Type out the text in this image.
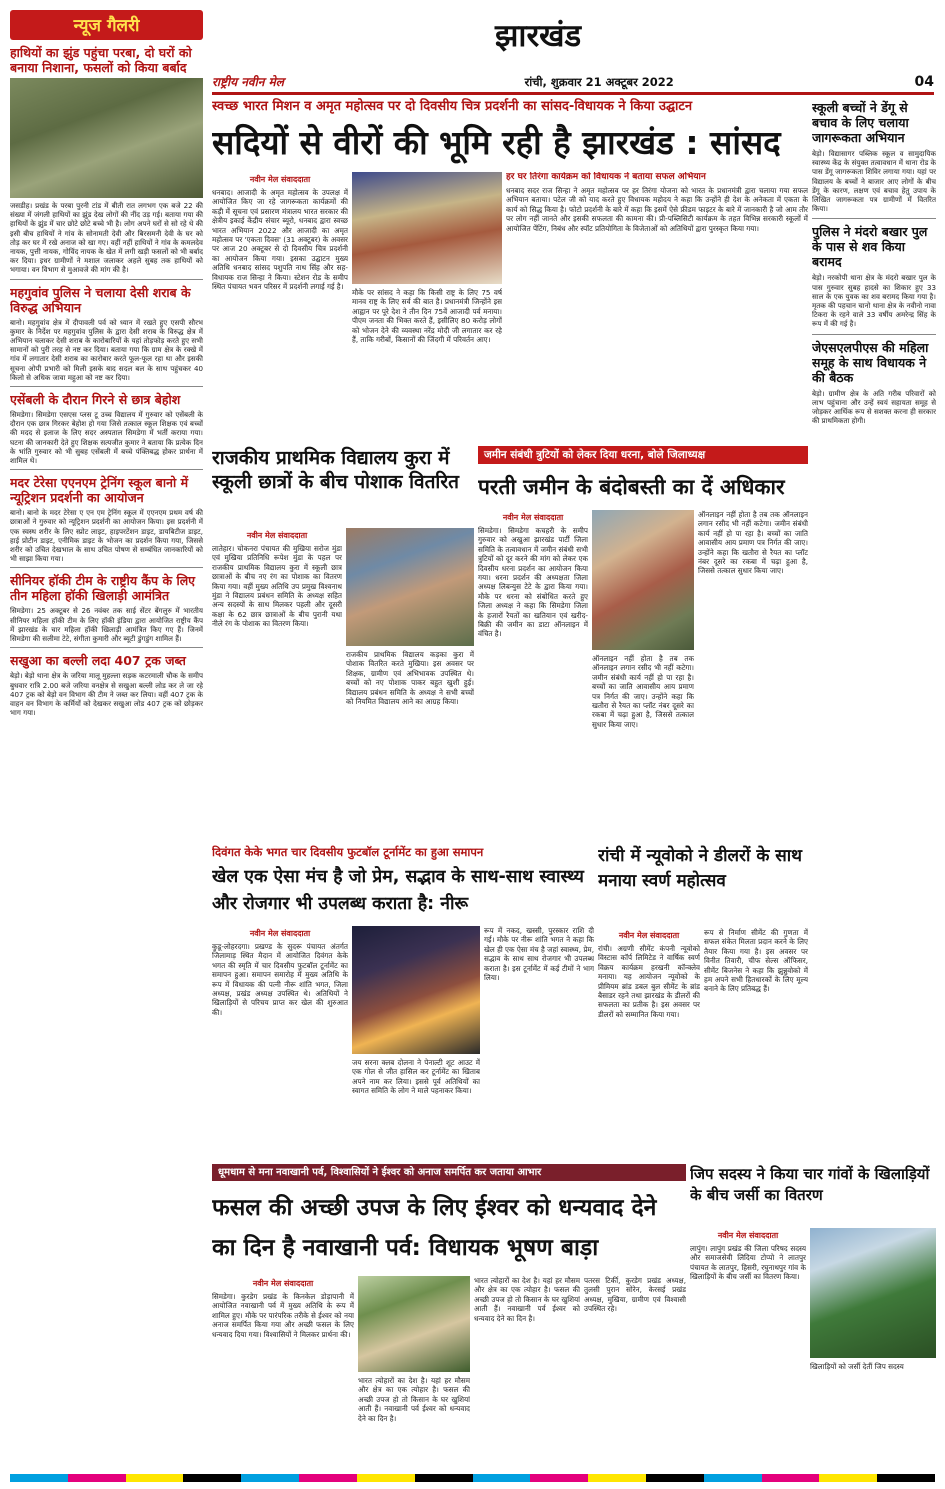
न्यूज गैलरी
हाथियों का झुंड पहुंचा परबा, दो घरों को बनाया निशाना, फसलों को किया बर्बाद

जसडीह। प्रखंड के परबा पुरनी टांड में बीती रात लगभग एक बजे 22 की संख्या में जंगली हाथियों का झुंड देख लोगों की नींद उड़ गई। बताया गया की हाथियों के झुंड में चार छोटे छोटे बच्चे भी है। लोग अपने घरों से सो रहे थे की इसी बीच हाथियों ने गांव के सोनामती देवी और बिरसमनी देवी के घर को तोड़ कर घर में रखे अनाज को खा गए। वहीं नहीं हाथियों ने गांव के कमलदेव नायक, पुत्ती नायक, गोविंद नायक के खेत में लगी खड़ी फसलों को भी बर्बाद कर दिया। इधर ग्रामीणों ने मशाल जलाकर अहले सुबह तक हाथियों को भगाया। वन विभाग से मुआवजे की मांग की है।

महगुवांव पुलिस ने चलाया देसी शराब के विरुद्ध अभियान

बानो। महगुवांव क्षेत्र में दीपावली पर्व को ध्यान में रखते हुए एसपी सौरभ कुमार के निर्देश पर महगुवांव पुलिस के द्वारा देसी शराब के विरुद्ध क्षेत्र में अभियान चलाकर देसी शराब के कारोबारियों के यहां तोड़फोड़ करते हुए सभी सामानों को पुरी तरह से नष्ट कर दिया। बताया गया कि ग्राम क्षेत्र के रक्खे में गांव में लगातार देसी शराब का कारोबार करते फूल-फूल रहा था और इसकी सूचना ओपी प्रभारी को मिली इसके बाद सदल बल के साथ पहुंचकर 40 किलो से अधिक जावा महुआ को नष्ट कर दिया।

एसेंबली के दौरान गिरने से छात्र बेहोश

सिमडेगा। सिमडेगा एसएस प्लस टू उच्च विद्यालय में गुरुवार को एसेंबली के दौरान एक छात्र गिरकर बेहोश हो गया जिसे तत्काल स्कूल शिक्षक एवं बच्चों की मदद से इलाज के लिए सदर अस्पताल सिमडेगा में भर्ती कराया गया। घटना की जानकारी देते हुए शिक्षक सत्यजीत कुमार ने बताया कि प्रत्येक दिन के भांति गुरुवार को भी सुबह एसेंबली में बच्चे पंक्तिबद्ध होकर प्रार्थना में शामिल थे।

मदर टेरेसा एएनएम ट्रेनिंग स्कूल बानो में न्यूट्रिशन प्रदर्शनी का आयोजन

बानो। बानो के मदर टेरेसा ए एन एम ट्रेनिंग स्कूल में एएनएम प्रथम वर्ष की छात्राओं ने गुरुवार को न्यूट्रिशन प्रदर्शनी का आयोजन किया। इस प्रदर्शनी में एक स्वस्थ शरीर के लिए स्प्रोट लाइट, हाइपरटेंशन डाइट, डायबिटीज डाइट, हाई प्रोटीन डाइट, एनीमिक डाइट के भोजन का प्रदर्शन किया गया, जिससे शरीर को उचित देखभाल के साथ उचित पोषण से सम्बंधित जानकारियों को भी साझा किया गया।

सीनियर हॉकी टीम के राष्ट्रीय कैंप के लिए तीन महिला हॉकी खिलाड़ी आमंत्रित

सिमडेगा। 25 अक्टूबर से 26 नवंबर तक साई सेंटर बेंगलुरु में भारतीय सीनियर महिला हॉकी टीम के लिए हॉकी इंडिया द्वारा आयोजित राष्ट्रीय कैंप में झारखंड के चार महिला हॉकी खिलाड़ी आमंत्रित किए गए हैं। जिनमें सिमडेगा की सलीमा टेटे, संगीता कुमारी और ब्यूटी डुंगडुंग शामिल हैं।

सखुआ का बल्ली लदा 407 ट्रक जब्त

बेड़ो। बेड़ो थाना क्षेत्र के जरिया मालू मुहल्ला सड़क कटरमाली चौक के समीप बुधवार रात्रि 2.00 बजे जरिया वनक्षेत्र से सखुआ बल्ली लोड कर ले जा रहे 407 ट्रक को बेड़ो वन विभाग की टीम ने जब्त कर लिया। वहीं 407 ट्रक के वाहन वन विभाग के कर्मियों को देखकर सखुआ लोड 407 ट्रक को छोड़कर भाग गया।

झारखंड
राष्ट्रीय नवीन मेल	रांची, शुक्रवार 21 अक्टूबर 2022	04
स्वच्छ भारत मिशन व अमृत महोत्सव पर दो दिवसीय चित्र प्रदर्शनी का सांसद-विधायक ने किया उद्घाटन
सदियों से वीरों की भूमि रही है झारखंड : सांसद
नवीन मेल संवाददाता
धनबाद। आजादी के अमृत महोत्सव के उपलक्ष में आयोजित किए जा रहे जागरूकता कार्यक्रमों की कड़ी में सूचना एवं प्रसारण मंत्रालय भारत सरकार की क्षेत्रीय इकाई केंद्रीय संचार ब्यूरो, धनबाद द्वारा स्वच्छ भारत अभियान 2022 और आजादी का अमृत महोत्सव पर 'एकता दिवस' (31 अक्टूबर) के अवसर पर आज 20 अक्टूबर से दो दिवसीय चित्र प्रदर्शनी का आयोजन किया गया। इसका उद्घाटन मुख्य अतिथि धनबाद सांसद पशुपति नाथ सिंह और सह-विधायक राज सिन्हा ने किया। स्टेशन रोड के समीप स्थित पंचायत भवन परिसर में प्रदर्शनी लगाई गई है।
मौके पर सांसद ने कहा कि किसी राष्ट्र के लिए 75 वर्ष मानव राष्ट्र के लिए सर्व की बात है। प्रधानमंत्री जिन्होंने इस आह्वान पर पूरे देश ने तीन दिन 75वें आजादी पर्व मनाया। पीएम जनता की भिक्त करते हैं, इसीलिए 80 करोड़ लोगों को भोजन देने की व्यवस्था नरेंद्र मोदी जी लगातार कर रहे हैं, ताकि गरीबों, किसानों की जिंदगी में परिवर्तन आए।
हर घर तिरंगा कार्यक्रम को विधायक ने बताया सफल अभियान
धनबाद सदर राज सिन्हा ने अमृत महोत्सव पर हर तिरंगा योजना को भारत के प्रधानमंत्री द्वारा चलाया गया सफल अभियान बताया। पटेल जी को याद करते हुए विधायक महोदय ने कहा कि उन्होंने ही देश के अनेकता में एकता के कार्य को सिद्ध किया है। फोटो प्रदर्शनी के बारे में कहा कि इसमें ऐसे फ्रीडम फाइटर के बारे में जानकारी है जो आम तौर पर लोग नहीं जानते और इसकी सफलता की कामना की। प्री-पब्लिसिटी कार्यक्रम के तहत विभिन्न सरकारी स्कूलों में आयोजित पेंटिंग, निबंध और स्पॉट प्रतियोगिता के विजेताओं को अतिथियों द्वारा पुरस्कृत किया गया।
राजकीय प्राथमिक विद्यालय कुरा में स्कूली छात्रों के बीच पोशाक वितरित
नवीन मेल संवाददाता
लातेहार। चोकनरा पंचायत की मुखिया सरोज मुंडा एवं मुखिया प्रतिनिधि रूपेश मुंडा के पहल पर राजकीय प्राथमिक विद्यालय कुरा में स्कूली छात्र छात्राओं के बीच नए रंग का पोशाक का वितरण किया गया। वहीं मुख्य अतिथि उप प्रमुख विश्वनाथ मुंडा ने विद्यालय प्रबंधन समिति के अध्यक्ष सहित अन्य सदस्यों के साथ मिलकर पहली और दूसरी कक्षा के 62 छात्र छात्राओं के बीच पुरानी यथा नीले रंग के पोशाक का वितरण किया।
राजकीय प्राथमिक विद्यालय कड़का कुरा में पोशाक वितरित करते मुखिया। इस अवसर पर शिक्षक, ग्रामीण एवं अभिभावक उपस्थित थे। बच्चों को नए पोशाक पाकर बहुत खुशी हुई। विद्यालय प्रबंधन समिति के अध्यक्ष ने सभी बच्चों को नियमित विद्यालय आने का आग्रह किया।
जमीन संबंधी त्रुटियों को लेकर दिया धरना, बोले जिलाध्यक्ष
परती जमीन के बंदोबस्ती का दें अधिकार
नवीन मेल संवाददाता
सिमडेगा। सिमडेगा कचहरी के समीप गुरुवार को अखुआ झारखंड पार्टी जिला समिति के तत्वावधान में जमीन संबंधी सभी त्रुटियों को दूर करने की मांग को लेकर एक दिवसीय धरना प्रदर्शन का आयोजन किया गया। धरना प्रदर्शन की अध्यक्षता जिला अध्यक्ष लिबन्युस टेटे के द्वारा किया गया। मौके पर धरना को संबोधित करते हुए जिला अध्यक्ष ने कहा कि सिमडेगा जिला के हजारों रैयतों का खतियान एवं खरीद-बिक्री की जमीन का डाटा ऑनलाइन में वंचित है।
ऑनलाइन नहीं होता है तब तक ऑनलाइन लगान रसीद भी नहीं कटेगा। जमीन संबंधी कार्य नहीं हो पा रहा है। बच्चों का जाति आवासीय आय प्रमाण पत्र निर्गत की जाए। उन्होंने कहा कि खतौरा से रैयत का प्लॉट नंबर दूसरे का रकबा में चढ़ा हुआ है, जिससे तत्काल सुधार किया जाए।
ऑनलाइन नहीं होता है तब तक ऑनलाइन लगान रसीद भी नहीं कटेगा। जमीन संबंधी कार्य नहीं हो पा रहा है। बच्चों का जाति आवासीय आय प्रमाण पत्र निर्गत की जाए। उन्होंने कहा कि खतौरा से रैयत का प्लॉट नंबर दूसरे का रकबा में चढ़ा हुआ है, जिससे तत्काल सुधार किया जाए।
दिवंगत केके भगत चार दिवसीय फुटबॉल टूर्नामेंट का हुआ समापन
खेल एक ऐसा मंच है जो प्रेम, सद्भाव के साथ-साथ स्वास्थ्य और रोजगार भी उपलब्ध कराता है: नीरू
नवीन मेल संवाददाता
कुडू-लोहरदगा। प्रखण्ड के सुदरू पंचायत अंतर्गत जिलामाड़ स्थित मैदान में आयोजित दिवंगत केके भगत की स्मृति में चार दिवसीय फुटबॉल टूर्नामेंट का समापन हुआ। समापन समारोह में मुख्य अतिथि के रूप में विधायक की पत्नी नीरू शांति भगत, जिला अध्यक्ष, प्रखंड अध्यक्ष उपस्थित थे। अतिथियों ने खिलाड़ियों से परिचय प्राप्त कर खेल की शुरुआत की।
जय सरना क्लब दोलना ने पेनाल्टी शूट आउट में एक गोल से जीत हासिल कर टूर्नामेंट का खिताब अपने नाम कर लिया। इससे पूर्व अतिथियों का स्वागत समिति के लोग ने माले पहनाकर किया।
रूप में नकद, खस्सी, पुरस्कार राशि दी गई। मौके पर नीरू शांति भगत ने कहा कि खेल ही एक ऐसा मंच है जहां स्वास्थ्य, प्रेम, सद्भाव के साथ साथ रोजगार भी उपलब्ध कराता है। इस टूर्नामेंट में कई टीमों ने भाग लिया।
रांची में न्यूवोको ने डीलरों के साथ मनाया स्वर्ण महोत्सव
नवीन मेल संवाददाता
रांची। अग्रणी सीमेंट कंपनी न्यूवोको विस्टास कॉर्प लिमिटेड ने वार्षिक स्वर्ण विक्रय कार्यक्रम हरखनी कॉन्क्लेव मनाया। यह आयोजन न्यूवोको के प्रीमियम ब्रांड डबल बुल सीमेंट के ब्रांड बैसाडर रहने तथा झारखंड के डीलरों की सफलता का प्रतीक है। इस अवसर पर डीलरों को सम्मानित किया गया।
रूप से निर्माण सीमेंट की गुणता में सफल संकेत मिलता प्रदान करने के लिए तैयार किया गया है। इस अवसर पर विनीत तिवारी, चीफ सेल्स ऑफिसर, सीमेंट बिजनेस ने कहा कि झुन्नुवोको में हम अपने सभी हितधारकों के लिए मूल्य बनाने के लिए प्रतिबद्ध हैं।
धूमधाम से मना नवाखानी पर्व, विश्वासियों ने ईश्वर को अनाज समर्पित कर जताया आभार
फसल की अच्छी उपज के लिए ईश्वर को धन्यवाद देने का दिन है नवाखानी पर्व: विधायक भूषण बाड़ा
नवीन मेल संवाददाता
सिमडेगा। कुरडेग प्रखंड के किनकेल डोड़ापानी में आयोजित नवाखानी पर्व में मुख्य अतिथि के रूप में शामिल हुए। मौके पर पारंपरिक तरीके से ईश्वर को नया अनाज समर्पित किया गया और अच्छी फसल के लिए धन्यवाद दिया गया। विश्वासियों ने मिलकर प्रार्थना की।
भारत त्योहारों का देश है। यहां हर मौसम और क्षेत्र का एक त्योहार है। फसल की अच्छी उपज हो तो किसान के घर खुशियां आती हैं। नवाखानी पर्व ईश्वर को धन्यवाद देने का दिन है।
भारत त्योहारों का देश है। यहां हर मौसम और क्षेत्र का एक त्योहार है। फसल की अच्छी उपज हो तो किसान के घर खुशियां आती हैं। नवाखानी पर्व ईश्वर को धन्यवाद देने का दिन है।
पतरस टिर्की, कुरडेग प्रखंड अध्यक्ष, तुलसी पुरान सोरेन, केरसई प्रखंड अध्यक्ष, मुखिया, ग्रामीण एवं विश्वासी उपस्थित रहे।
जिप सदस्य ने किया चार गांवों के खिलाड़ियों के बीच जर्सी का वितरण
नवीन मेल संवाददाता
लापुंग। लापुंग प्रखंड की जिला परिषद सदस्य और समाजसेवी लिदिया टोप्पो ने लातपुर पंचायत के लातपुर, हिसरी, रघुनाथपुर गांव के खिलाड़ियों के बीच जर्सी का वितरण किया।
खिलाड़ियों को जर्सी देतीं जिप सदस्य
स्कूली बच्चों ने डेंगू से बचाव के लिए चलाया जागरूकता अभियान

बेड़ो। विद्यासागर पब्लिक स्कूल व सामुदायिक स्वास्थ्य केंद्र के संयुक्त तत्वावधान में थाना रोड के पास डेंगू जागरूकता शिविर लगाया गया। यहां पर विद्यालय के बच्चों ने बाजार आए लोगों के बीच डेंगू के कारण, लक्षण एवं बचाव हेतु उपाय के लिखित जागरूकता पत्र ग्रामीणों में वितरित किया।

पुलिस ने मंदरो बखार पुल के पास से शव किया बरामद

बेड़ो। नरकोपी थाना क्षेत्र के मंदरो बखार पुल के पास गुरुवार सुबह हादसे का शिकार हुए 33 साल के एक युवक का शव बरामद किया गया है। मृतक की पहचान चानो थाना क्षेत्र के नवीनो नावा टिकरा के रहने वाले 33 वर्षीय अमरेन्द्र सिंह के रूप में की गई है।

जेएसएलपीएस की महिला समूह के साथ विधायक ने की बैठक

बेड़ो। ग्रामीण क्षेत्र के अति गरीब परिवारों को लाभ पहुंचाना और उन्हें स्वयं सहायता समूह से जोड़कर आर्थिक रूप से सशक्त करना ही सरकार की प्राथमिकता होगी।
